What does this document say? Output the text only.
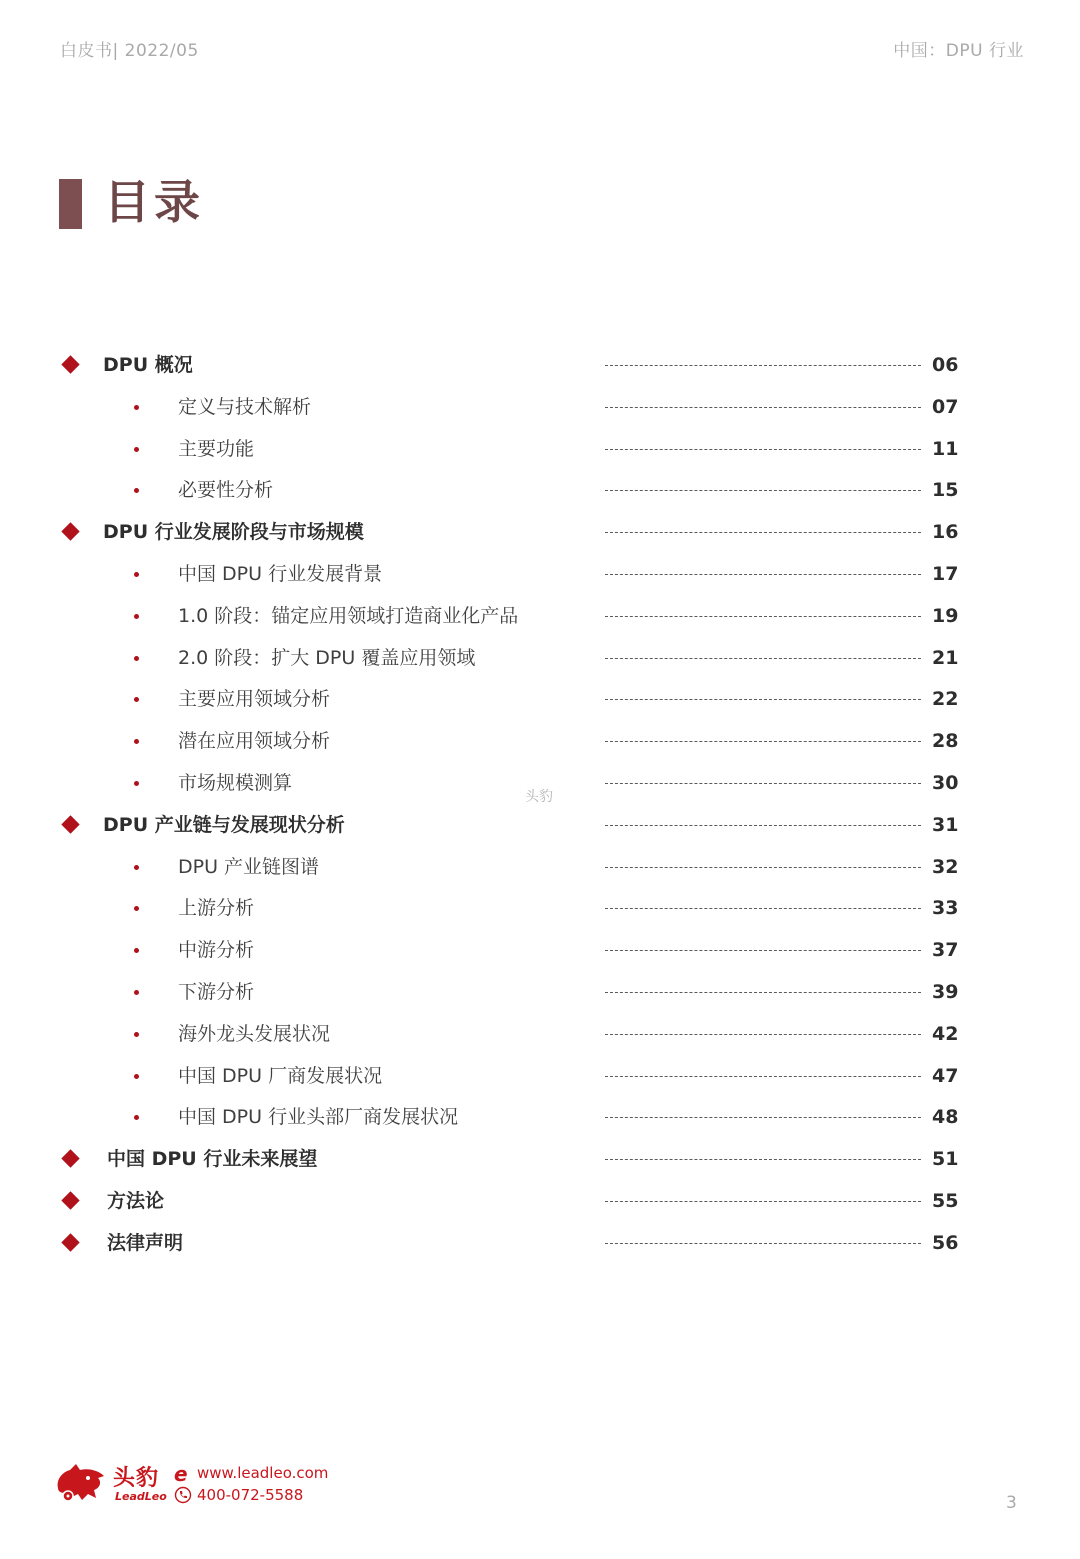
白皮书| 2022/05	中国：DPU 行业
目录
DPU 概况	06
定义与技术解析	07
主要功能	11
必要性分析	15
DPU 行业发展阶段与市场规模	16
中国 DPU 行业发展背景	17
1.0 阶段：锚定应用领域打造商业化产品	19
2.0 阶段：扩大 DPU 覆盖应用领域	21
主要应用领域分析	22
潜在应用领域分析	28
市场规模测算	30
DPU 产业链与发展现状分析	31
DPU 产业链图谱	32
上游分析	33
中游分析	37
下游分析	39
海外龙头发展状况	42
中国 DPU 厂商发展状况	47
中国 DPU 行业头部厂商发展状况	48
中国 DPU 行业未来展望	51
方法论	55
法律声明	56
头豹
头豹
LeadLeo
e www.leadleo.com
400-072-5588	3
